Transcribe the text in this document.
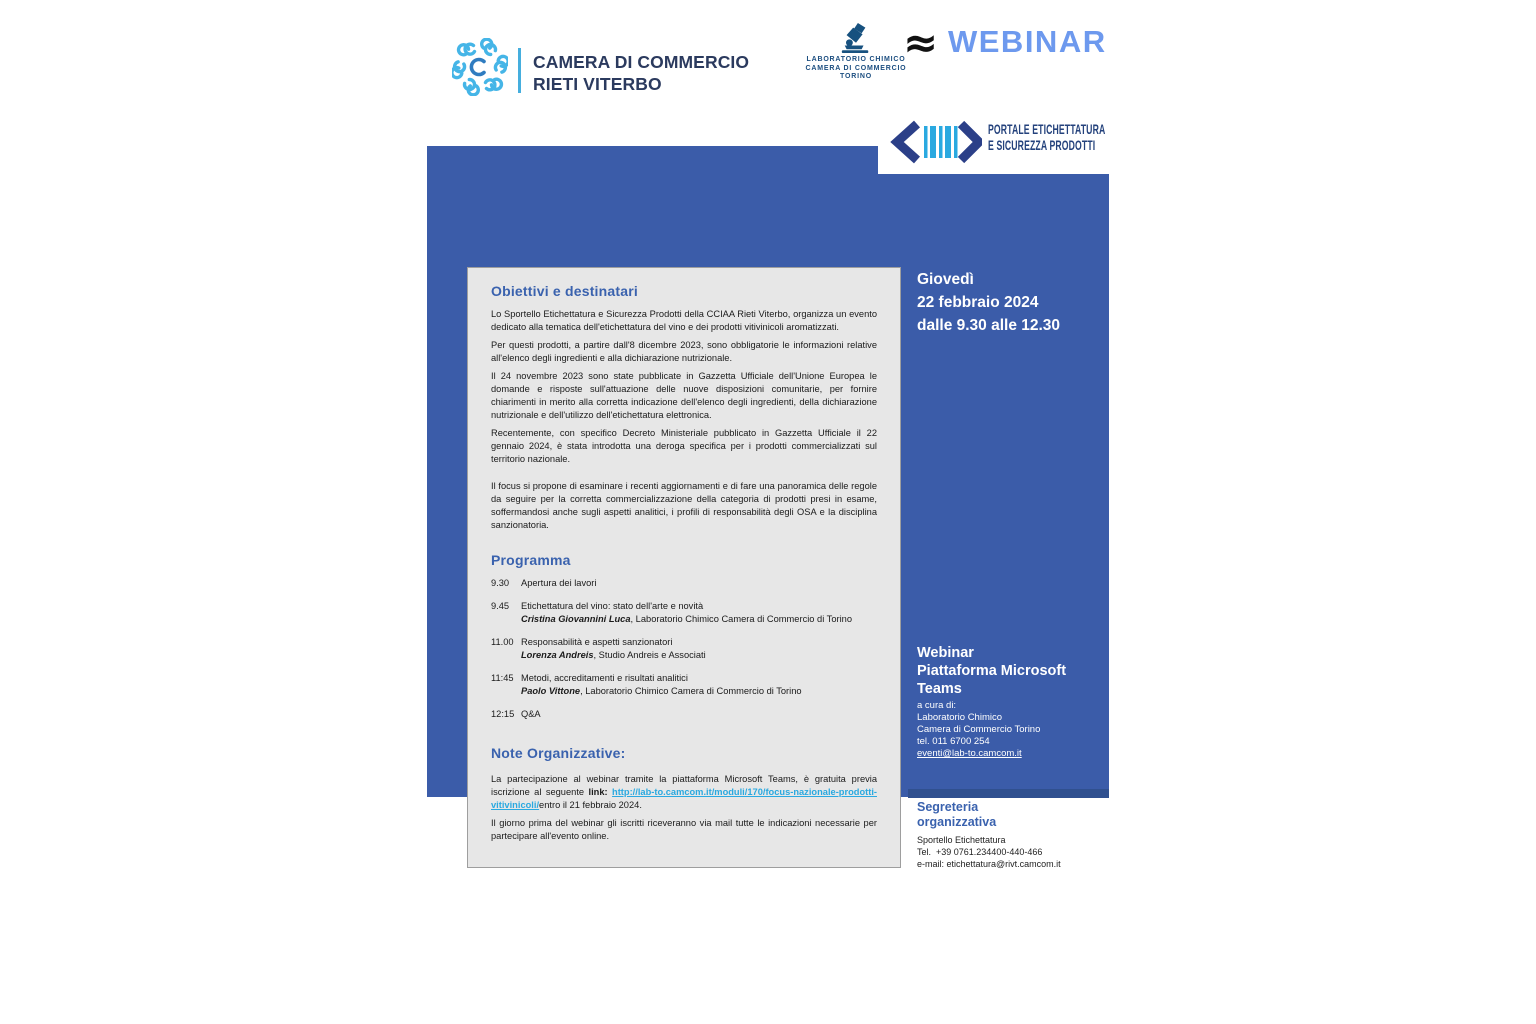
CAMERA DI COMMERCIO
RIETI VITERBO
LABORATORIO CHIMICO
CAMERA DI COMMERCIO TORINO
≈ WEBINAR
PORTALE ETICHETTATURA
E SICUREZZA PRODOTTI
Obiettivi e destinatari

Lo Sportello Etichettatura e Sicurezza Prodotti della CCIAA Rieti Viterbo, organizza un evento dedicato alla tematica dell'etichettatura del vino e dei prodotti vitivinicoli aromatizzati.

Per questi prodotti, a partire dall'8 dicembre 2023, sono obbligatorie le informazioni relative all'elenco degli ingredienti e alla dichiarazione nutrizionale.

Il 24 novembre 2023 sono state pubblicate in Gazzetta Ufficiale dell'Unione Europea le domande e risposte sull'attuazione delle nuove disposizioni comunitarie, per fornire chiarimenti in merito alla corretta indicazione dell'elenco degli ingredienti, della dichiarazione nutrizionale e dell'utilizzo dell'etichettatura elettronica.

Recentemente, con specifico Decreto Ministeriale pubblicato in Gazzetta Ufficiale il 22 gennaio 2024, è stata introdotta una deroga specifica per i prodotti commercializzati sul territorio nazionale.

Il focus si propone di esaminare i recenti aggiornamenti e di fare una panoramica delle regole da seguire per la corretta commercializzazione della categoria di prodotti presi in esame, soffermandosi anche sugli aspetti analitici, i profili di responsabilità degli OSA e la disciplina sanzionatoria.

Programma
9.30 Apertura dei lavori
9.45 Etichettatura del vino: stato dell'arte e novità
Cristina Giovannini Luca, Laboratorio Chimico Camera di Commercio di Torino
11.00 Responsabilità e aspetti sanzionatori
Lorenza Andreis, Studio Andreis e Associati
11:45 Metodi, accreditamenti e risultati analitici
Paolo Vittone, Laboratorio Chimico Camera di Commercio di Torino
12:15 Q&A
Note Organizzative:

La partecipazione al webinar tramite la piattaforma Microsoft Teams, è gratuita previa iscrizione al seguente link: http://lab-to.camcom.it/moduli/170/focus-nazionale-prodotti-vitivinicoli/entro il 21 febbraio 2024.

Il giorno prima del webinar gli iscritti riceveranno via mail tutte le indicazioni necessarie per partecipare all'evento online.

Giovedì
22 febbraio 2024
dalle 9.30 alle 12.30
Webinar
Piattaforma Microsoft
Teams
a cura di:
Laboratorio Chimico
Camera di Commercio Torino
tel. 011 6700 254
eventi@lab-to.camcom.it
Segreteria
organizzativa
Sportello Etichettatura
Tel.  +39 0761.234400-440-466
e-mail: etichettatura@rivt.camcom.it
